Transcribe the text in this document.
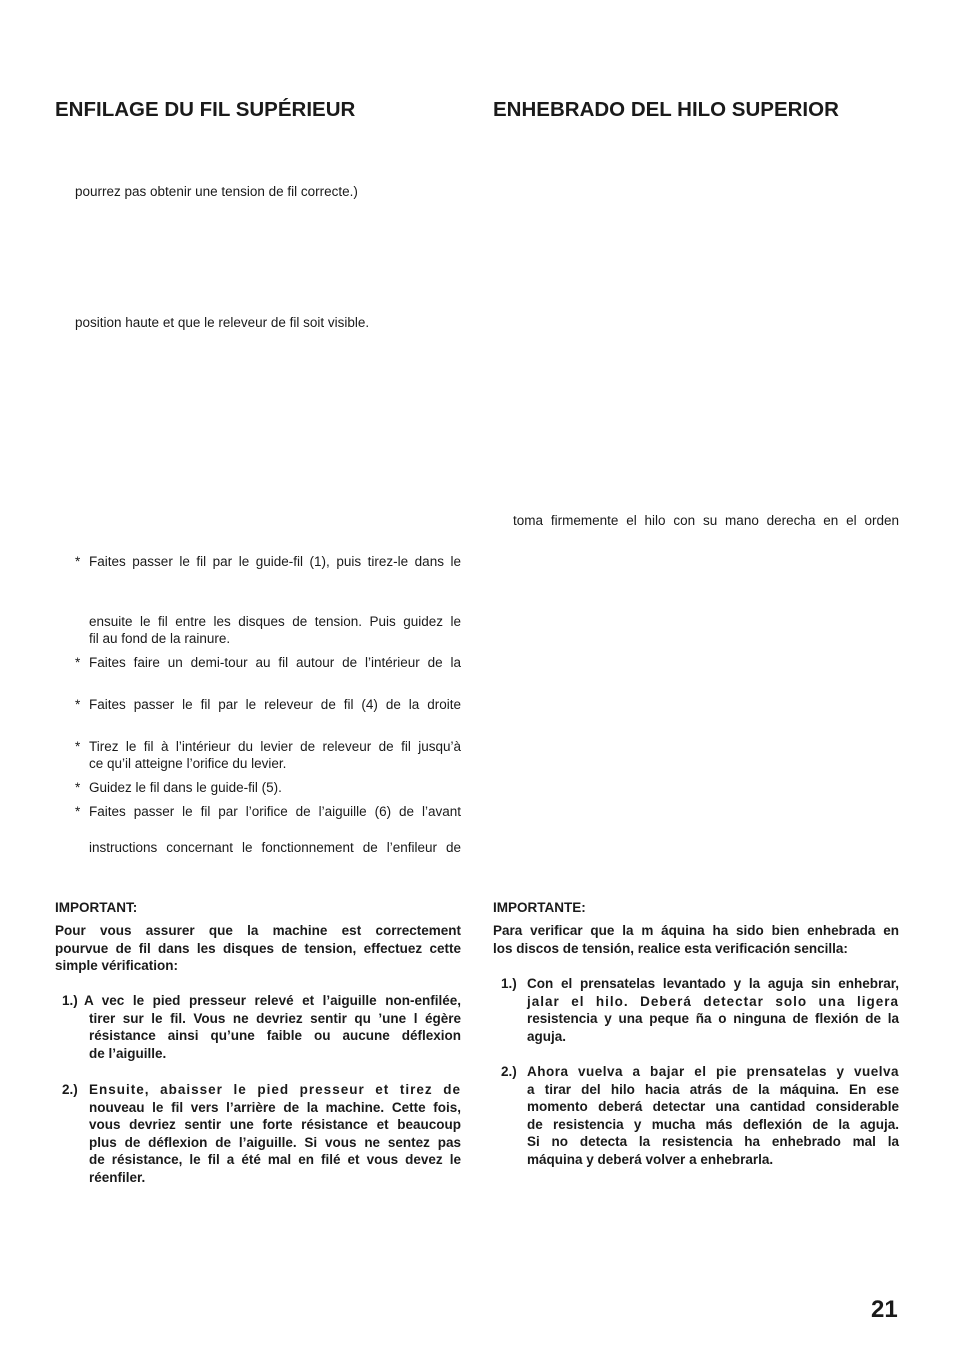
ENFILAGE DU FIL SUPÉRIEUR	ENHEBRADO DEL HILO SUPERIOR
pourrez pas obtenir une tension de fil correcte.)
position haute et que le releveur de fil soit visible.
toma firmemente el hilo con su mano derecha en el orden
* Faites passer le fil par le guide-fil (1), puis tirez-le dans le
ensuite le fil entre les disques de tension. Puis guidez le
fil au fond de la rainure.
* Faites faire un demi-tour au fil autour de l’intérieur de la
* Faites passer le fil par le releveur de fil (4) de la droite
* Tirez le fil à l’intérieur du levier de releveur de fil jusqu’à
ce qu’il atteigne l’orifice du levier.
* Guidez le fil dans le guide-fil (5).
* Faites passer le fil par l’orifice de l’aiguille (6) de l’avant
instructions concernant le fonctionnement de l’enfileur de
IMPORTANT:
Pour vous assurer que la machine est correctement
pourvue de fil dans les disques de tension, effectuez cette
simple vérification:
1.) A vec le pied presseur relevé et l’aiguille non-enfilée,
tirer sur le fil. Vous ne devriez sentir qu ’une l égère
résistance ainsi qu’une faible ou aucune déflexion
de l’aiguille.
2.) Ensuite, abaisser le pied presseur et tirez de
nouveau le fil vers l’arrière de la machine. Cette fois,
vous devriez sentir une forte résistance et beaucoup
plus de déflexion de l’aiguille. Si vous ne sentez pas
de résistance, le fil a été mal en filé et vous devez le
réenfiler.
IMPORTANTE:
Para verificar que la m áquina ha sido bien enhebrada en
los discos de tensión, realice esta verificación sencilla:
1.) Con el prensatelas levantado y la aguja sin enhebrar,
jalar el hilo. Deberá detectar solo una ligera
resistencia y una peque ña o ninguna de flexión de la
aguja.
2.) Ahora vuelva a bajar el pie prensatelas y vuelva
a tirar del hilo hacia atrás de la máquina. En ese
momento deberá detectar una cantidad considerable
de resistencia y mucha más deflexión de la aguja.
Si no detecta la resistencia ha enhebrado mal la
máquina y deberá volver a enhebrarla.
21
